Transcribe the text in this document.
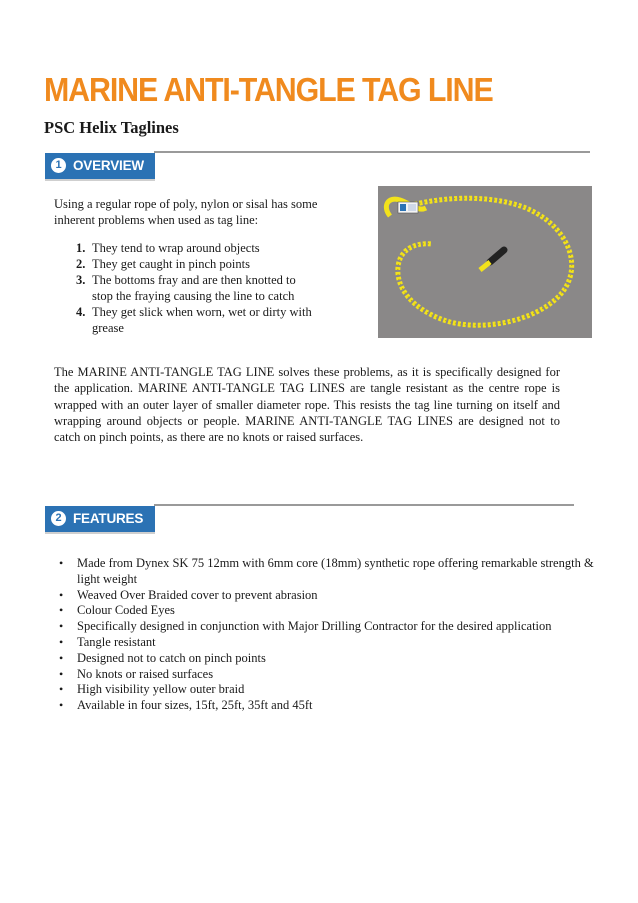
MARINE ANTI-TANGLE TAG LINE
PSC Helix Taglines
1 OVERVIEW
Using a regular rope of poly, nylon or sisal has some inherent problems when used as tag line:
1. They tend to wrap around objects
2. They get caught in pinch points
3. The bottoms fray and are then knotted to stop the fraying causing the line to catch
4. They get slick when worn, wet or dirty with grease
The MARINE ANTI-TANGLE TAG LINE solves these problems, as it is specifically designed for the application. MARINE ANTI-TANGLE TAG LINES are tangle resistant as the centre rope is wrapped with an outer layer of smaller diameter rope. This resists the tag line turning on itself and wrapping around objects or people. MARINE ANTI-TANGLE TAG LINES are designed not to catch on pinch points, as there are no knots or raised surfaces.
2 FEATURES
• Made from Dynex SK 75 12mm with 6mm core (18mm) synthetic rope offering remarkable strength & light weight
• Weaved Over Braided cover to prevent abrasion
• Colour Coded Eyes
• Specifically designed in conjunction with Major Drilling Contractor for the desired application
• Tangle resistant
• Designed not to catch on pinch points
• No knots or raised surfaces
• High visibility yellow outer braid
• Available in four sizes, 15ft, 25ft, 35ft and 45ft
